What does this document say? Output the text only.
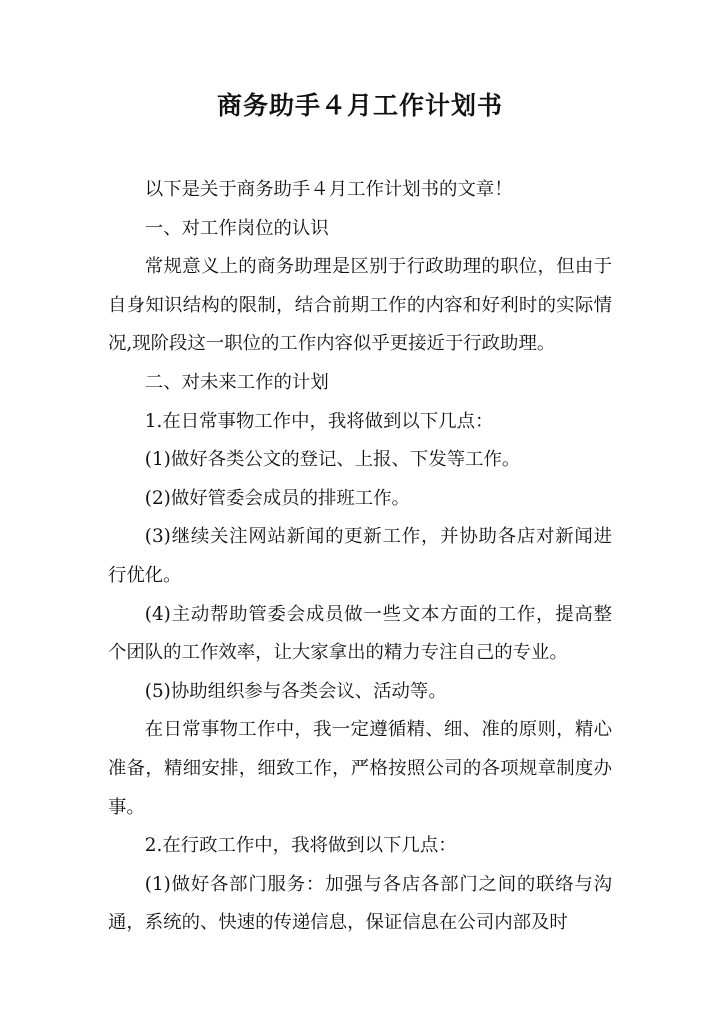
商务助手４月工作计划书

以下是关于商务助手４月工作计划书的文章！

一、对工作岗位的认识

常规意义上的商务助理是区别于行政助理的职位，但由于自身知识结构的限制，结合前期工作的内容和好利时的实际情况,现阶段这一职位的工作内容似乎更接近于行政助理。

二、对未来工作的计划

1.在日常事物工作中，我将做到以下几点：

(1)做好各类公文的登记、上报、下发等工作。

(2)做好管委会成员的排班工作。

(3)继续关注网站新闻的更新工作，并协助各店对新闻进行优化。

(4)主动帮助管委会成员做一些文本方面的工作，提高整个团队的工作效率，让大家拿出的精力专注自己的专业。

(5)协助组织参与各类会议、活动等。

在日常事物工作中，我一定遵循精、细、准的原则，精心准备，精细安排，细致工作，严格按照公司的各项规章制度办事。

2.在行政工作中，我将做到以下几点：

(1)做好各部门服务：加强与各店各部门之间的联络与沟通，系统的、快速的传递信息，保证信息在公司内部及时
